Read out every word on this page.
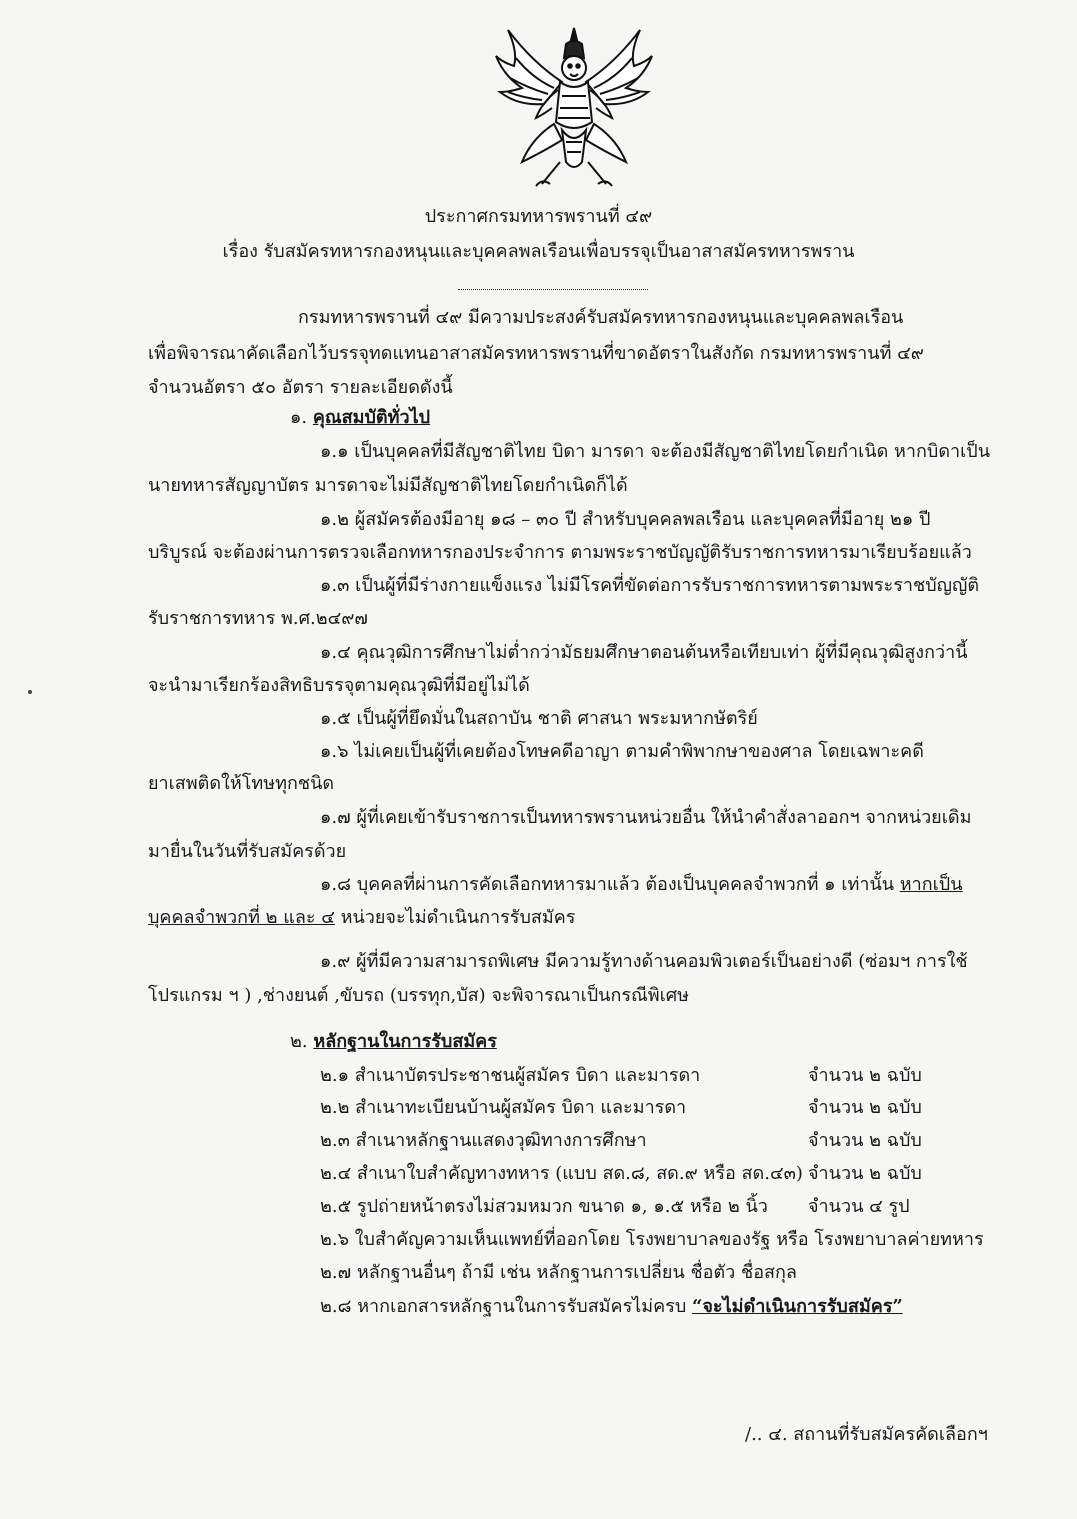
ประกาศกรมทหารพรานที่ ๔๙
เรื่อง รับสมัครทหารกองหนุนและบุคคลพลเรือนเพื่อบรรจุเป็นอาสาสมัครทหารพราน
กรมทหารพรานที่ ๔๙ มีความประสงค์รับสมัครทหารกองหนุนและบุคคลพลเรือน
เพื่อพิจารณาคัดเลือกไว้บรรจุทดแทนอาสาสมัครทหารพรานที่ขาดอัตราในสังกัด กรมทหารพรานที่ ๔๙
จำนวนอัตรา ๕๐ อัตรา รายละเอียดดังนี้
๑. คุณสมบัติทั่วไป
๑.๑ เป็นบุคคลที่มีสัญชาติไทย บิดา มารดา จะต้องมีสัญชาติไทยโดยกำเนิด หากบิดาเป็น
นายทหารสัญญาบัตร มารดาจะไม่มีสัญชาติไทยโดยกำเนิดก็ได้
๑.๒ ผู้สมัครต้องมีอายุ ๑๘ – ๓๐ ปี สำหรับบุคคลพลเรือน และบุคคลที่มีอายุ ๒๑ ปี
บริบูรณ์ จะต้องผ่านการตรวจเลือกทหารกองประจำการ ตามพระราชบัญญัติรับราชการทหารมาเรียบร้อยแล้ว
๑.๓ เป็นผู้ที่มีร่างกายแข็งแรง ไม่มีโรคที่ขัดต่อการรับราชการทหารตามพระราชบัญญัติ
รับราชการทหาร พ.ศ.๒๔๙๗
๑.๔ คุณวุฒิการศึกษาไม่ต่ำกว่ามัธยมศึกษาตอนต้นหรือเทียบเท่า ผู้ที่มีคุณวุฒิสูงกว่านี้
จะนำมาเรียกร้องสิทธิบรรจุตามคุณวุฒิที่มีอยู่ไม่ได้
๑.๕ เป็นผู้ที่ยึดมั่นในสถาบัน ชาติ ศาสนา พระมหากษัตริย์
๑.๖ ไม่เคยเป็นผู้ที่เคยต้องโทษคดีอาญา ตามคำพิพากษาของศาล โดยเฉพาะคดี
ยาเสพติดให้โทษทุกชนิด
๑.๗ ผู้ที่เคยเข้ารับราชการเป็นทหารพรานหน่วยอื่น ให้นำคำสั่งลาออกฯ จากหน่วยเดิม
มายื่นในวันที่รับสมัครด้วย
๑.๘ บุคคลที่ผ่านการคัดเลือกทหารมาแล้ว ต้องเป็นบุคคลจำพวกที่ ๑ เท่านั้น หากเป็น
บุคคลจำพวกที่ ๒ และ ๔ หน่วยจะไม่ดำเนินการรับสมัคร
๑.๙ ผู้ที่มีความสามารถพิเศษ มีความรู้ทางด้านคอมพิวเตอร์เป็นอย่างดี (ซ่อมฯ การใช้
โปรแกรม ฯ ) ,ช่างยนต์ ,ขับรถ (บรรทุก,บัส) จะพิจารณาเป็นกรณีพิเศษ
๒. หลักฐานในการรับสมัคร
๒.๑ สำเนาบัตรประชาชนผู้สมัคร บิดา และมารดา	จำนวน ๒ ฉบับ
๒.๒ สำเนาทะเบียนบ้านผู้สมัคร บิดา และมารดา	จำนวน ๒ ฉบับ
๒.๓ สำเนาหลักฐานแสดงวุฒิทางการศึกษา	จำนวน ๒ ฉบับ
๒.๔ สำเนาใบสำคัญทางทหาร (แบบ สด.๘, สด.๙ หรือ สด.๔๓) จำนวน ๒ ฉบับ
๒.๕ รูปถ่ายหน้าตรงไม่สวมหมวก ขนาด ๑, ๑.๕ หรือ ๒ นิ้ว จำนวน ๔ รูป
๒.๖ ใบสำคัญความเห็นแพทย์ที่ออกโดย โรงพยาบาลของรัฐ หรือ โรงพยาบาลค่ายทหาร
๒.๗ หลักฐานอื่นๆ ถ้ามี เช่น หลักฐานการเปลี่ยน ชื่อตัว ชื่อสกุล
๒.๘ หากเอกสารหลักฐานในการรับสมัครไม่ครบ “จะไม่ดำเนินการรับสมัคร”
/.. ๔. สถานที่รับสมัครคัดเลือกฯ
